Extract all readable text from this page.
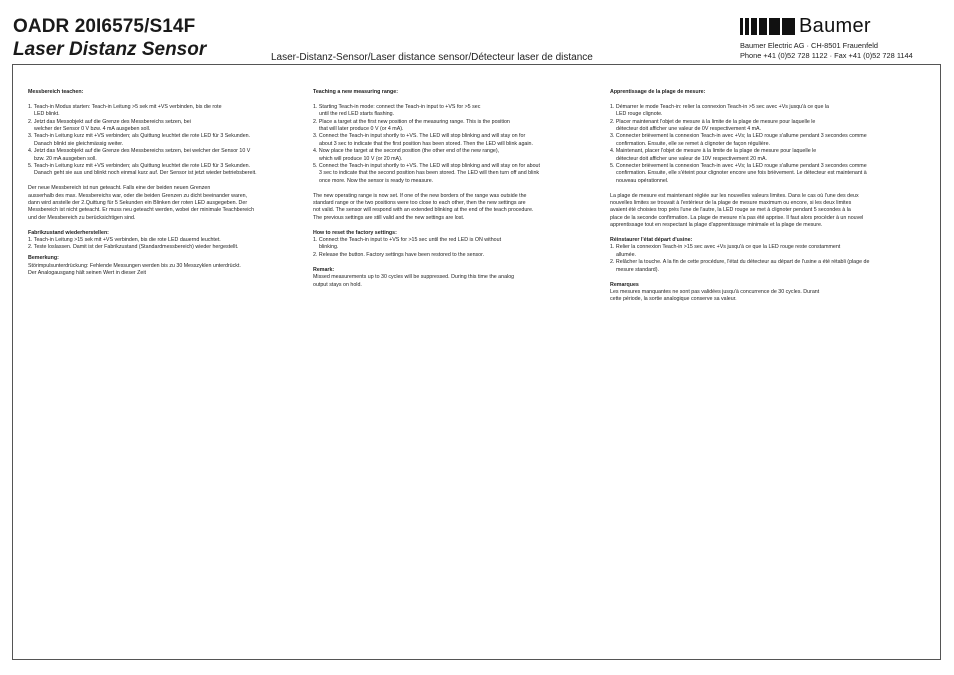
OADR 20I6575/S14F
Laser Distanz Sensor	Laser-Distanz-Sensor/Laser distance sensor/Détecteur laser de distance
Baumer
Baumer Electric AG · CH-8501 Frauenfeld
Phone +41 (0)52 728 1122 · Fax +41 (0)52 728 1144

Messbereich teachen:

1. Teach-in Modus starten: Teach-in Leitung >5 sek mit +VS verbinden, bis die rote

LED blinkt.

2. Jetzt das Messobjekt auf die Grenze des Messbereichs setzen, bei

welcher der Sensor 0 V bzw. 4 mA ausgeben soll.

3. Teach-in Leitung kurz mit +VS verbinden; als Quittung leuchtet die rote LED für 3 Sekunden.

Danach blinkt sie gleichmässig weiter.

4. Jetzt das Messobjekt auf die Grenze des Messbereichs setzen, bei welcher der Sensor 10 V

bzw. 20 mA ausgeben soll.

5. Teach-in Leitung kurz mit +VS verbinden; als Quittung leuchtet die rote LED für 3 Sekunden.

Danach geht sie aus und blinkt noch einmal kurz auf. Der Sensor ist jetzt wieder betriebsbereit.

Der neue Messbereich ist nun geteacht. Falls eine der beiden neuen Grenzen

ausserhalb des max. Messbereichs war, oder die beiden Grenzen zu dicht beeinander waren,

dann wird anstelle der 2.Quittung für 5 Sekunden ein Blinken der roten LED ausgegeben. Der

Messbereich ist nicht geteacht. Er muss neu geteacht werden, wobei der minimale Teachbereich

und der Messbereich zu berücksichtigen sind.

Fabrikzustand wiederherstellen:

1. Teach-in Leitung >15 sek mit +VS verbinden, bis die rote LED dauernd leuchtet.

2. Teste loslassen. Damit ist der Fabrikzustand (Standardmessbereich) wieder hergestellt.

Bemerkung:

Störimpulsunterdrückung: Fehlende Messungen werden bis zu 30 Messzyklen unterdrückt.

Der Analogausgang hält seinen Wert in dieser Zeit

Teaching a new measuring range:

1. Starting Teach-in mode: connect the Teach-in input to +VS for >5 sec

until the red LED starts flashing.

2. Place a target at the first new position of the measuring range. This is the position

that will later produce 0 V (or 4 mA).

3. Connect the Teach-in input shortly to +VS. The LED will stop blinking and will stay on for

about 3 sec to indicate that the first position has been stored. Then the LED will blink again.

4. Now place the target at the second position (the other end of the new range),

which will produce 10 V (or 20 mA).

5. Connect the Teach-in input shortly to +VS. The LED will stop blinking and will stay on for about

3 sec to indicate that the second position has been stored. The LED will then turn off and blink

once more. Now the sensor is ready to measure.

The new operating range is now set. If one of the new borders of the range was outside the

standard range or the two positions were too close to each other, then the new settings are

not valid. The sensor will respond with an extended blinking at the end of the teach procedure.

The previous settings are still valid and the new settings are lost.

How to reset the factory settings:

1. Connect the Teach-in input to +VS for >15 sec until the red LED is ON without

blinking.

2. Release the button. Factory settings have been restored to the sensor.

Remark:

Missed measurements up to 30 cycles will be suppressed. During this time the analog

output stays on hold.

Apprentissage de la plage de mesure:

1. Démarrer le mode Teach-in: relier la connexion Teach-in >5 sec avec +Vs jusqu'à ce que la

LED rouge clignote.

2. Placer maintenant l'objet de mesure à la limite de la plage de mesure pour laquelle le

détecteur doit afficher une valeur de 0V respectivement 4 mA.

3. Connecter brièvement la connexion Teach-in avec +Vs; la LED rouge s'allume pendant 3 secondes comme

confirmation. Ensuite, elle se remet à clignoter de façon régulière.

4. Maintenant, placer l'objet de mesure à la limite de la plage de mesure pour laquelle le

détecteur doit afficher une valeur de 10V respectivement 20 mA.

5. Connecter brièvement la connexion Teach-in avec +Vs; la LED rouge s'allume pendant 3 secondes comme

confirmation. Ensuite, elle s'éteint pour clignoter encore une fois brièvement. Le détecteur est maintenant à

nouveau opérationnel.

La plage de mesure est maintenant réglée sur les nouvelles valeurs limites. Dans le cas où l'une des deux

nouvelles limites se trouvait à l'extérieur de la plage de mesure maximum ou encore, si les deux limites

avaient été choisies trop près l'une de l'autre, la LED rouge se met à clignoter pendant 5 secondes à la

place de la seconde confirmation. La plage de mesure n'a pas été apprise. Il faut alors procéder à un nouvel

apprentissage tout en respectant la plage d'apprentissage minimale et la plage de mesure.

Réinstaurer l'état départ d'usine:

1. Relier la connexion Teach-in >15 sec avec +Vs jusqu'à ce que la LED rouge reste constamment

allumée.

2. Relâcher la touche. A la fin de cette procédure, l'état du détecteur au départ de l'usine a été rétabli (plage de

mesure standard).

Remarques

Les mesures manquantes ne sont pas validées jusqu'à concurrence de 30 cycles. Durant

cette période, la sortie analogique conserve sa valeur.
